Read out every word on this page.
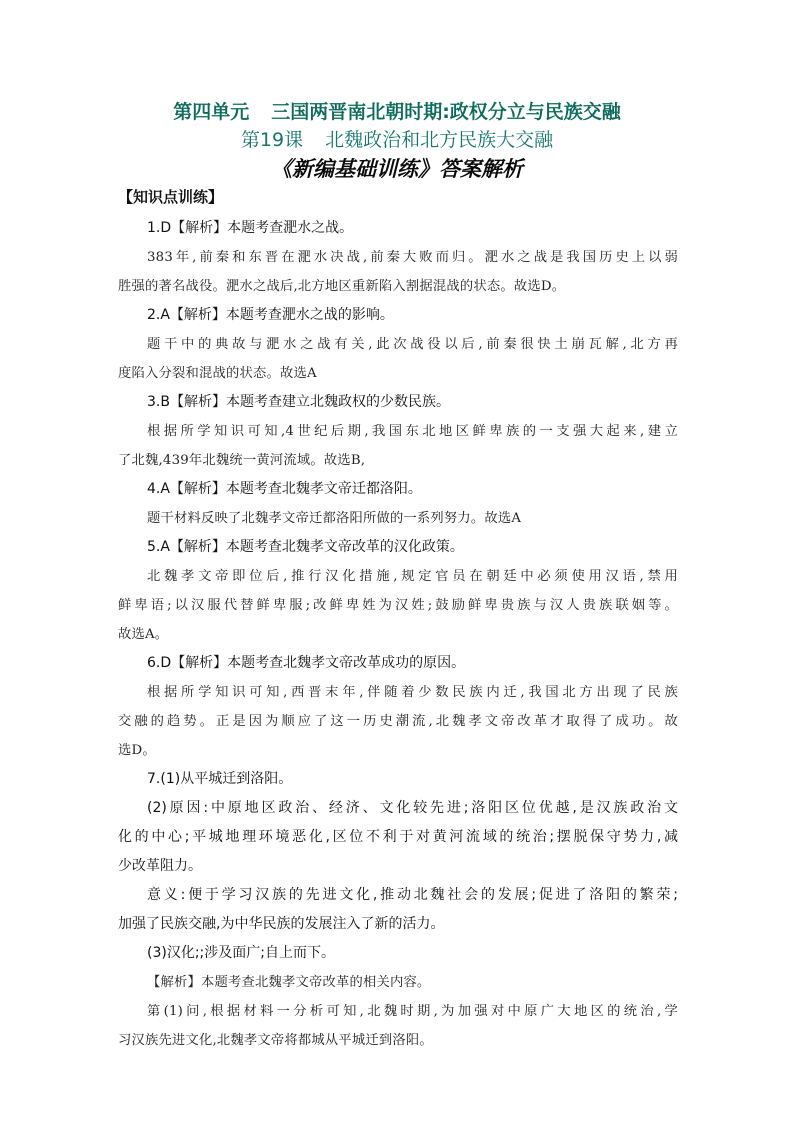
第四单元 三国两晋南北朝时期:政权分立与民族交融

第19课 北魏政治和北方民族大交融

《新编基础训练》答案解析

【知识点训练】

1.D【解析】本题考查淝水之战。

383年,前秦和东晋在淝水决战,前秦大败而归。淝水之战是我国历史上以弱

胜强的著名战役。淝水之战后,北方地区重新陷入割据混战的状态。故选D。

2.A【解析】本题考查淝水之战的影响。

题干中的典故与淝水之战有关,此次战役以后,前秦很快土崩瓦解,北方再

度陷入分裂和混战的状态。故选A

3.B【解析】本题考查建立北魏政权的少数民族。

根据所学知识可知,4世纪后期,我国东北地区鲜卑族的一支强大起来,建立

了北魏,439年北魏统一黄河流域。故选B,

4.A【解析】本题考查北魏孝文帝迁都洛阳。

题干材料反映了北魏孝文帝迁都洛阳所做的一系列努力。故选A

5.A【解析】本题考查北魏孝文帝改革的汉化政策。

北魏孝文帝即位后,推行汉化措施,规定官员在朝廷中必须使用汉语,禁用

鲜卑语;以汉服代替鲜卑服;改鲜卑姓为汉姓;鼓励鲜卑贵族与汉人贵族联姻等。

故选A。

6.D【解析】本题考查北魏孝文帝改革成功的原因。

根据所学知识可知,西晋末年,伴随着少数民族内迁,我国北方出现了民族

交融的趋势。正是因为顺应了这一历史潮流,北魏孝文帝改革才取得了成功。故

选D。

7.(1)从平城迁到洛阳。

(2)原因:中原地区政治、经济、文化较先进;洛阳区位优越,是汉族政治文

化的中心;平城地理环境恶化,区位不利于对黄河流域的统治;摆脱保守势力,减

少改革阻力。

意义:便于学习汉族的先进文化,推动北魏社会的发展;促进了洛阳的繁荣;

加强了民族交融,为中华民族的发展注入了新的活力。

(3)汉化;;涉及面广;自上而下。

【解析】本题考查北魏孝文帝改革的相关内容。

第(1)问,根据材料一分析可知,北魏时期,为加强对中原广大地区的统治,学

习汉族先进文化,北魏孝文帝将都城从平城迁到洛阳。
